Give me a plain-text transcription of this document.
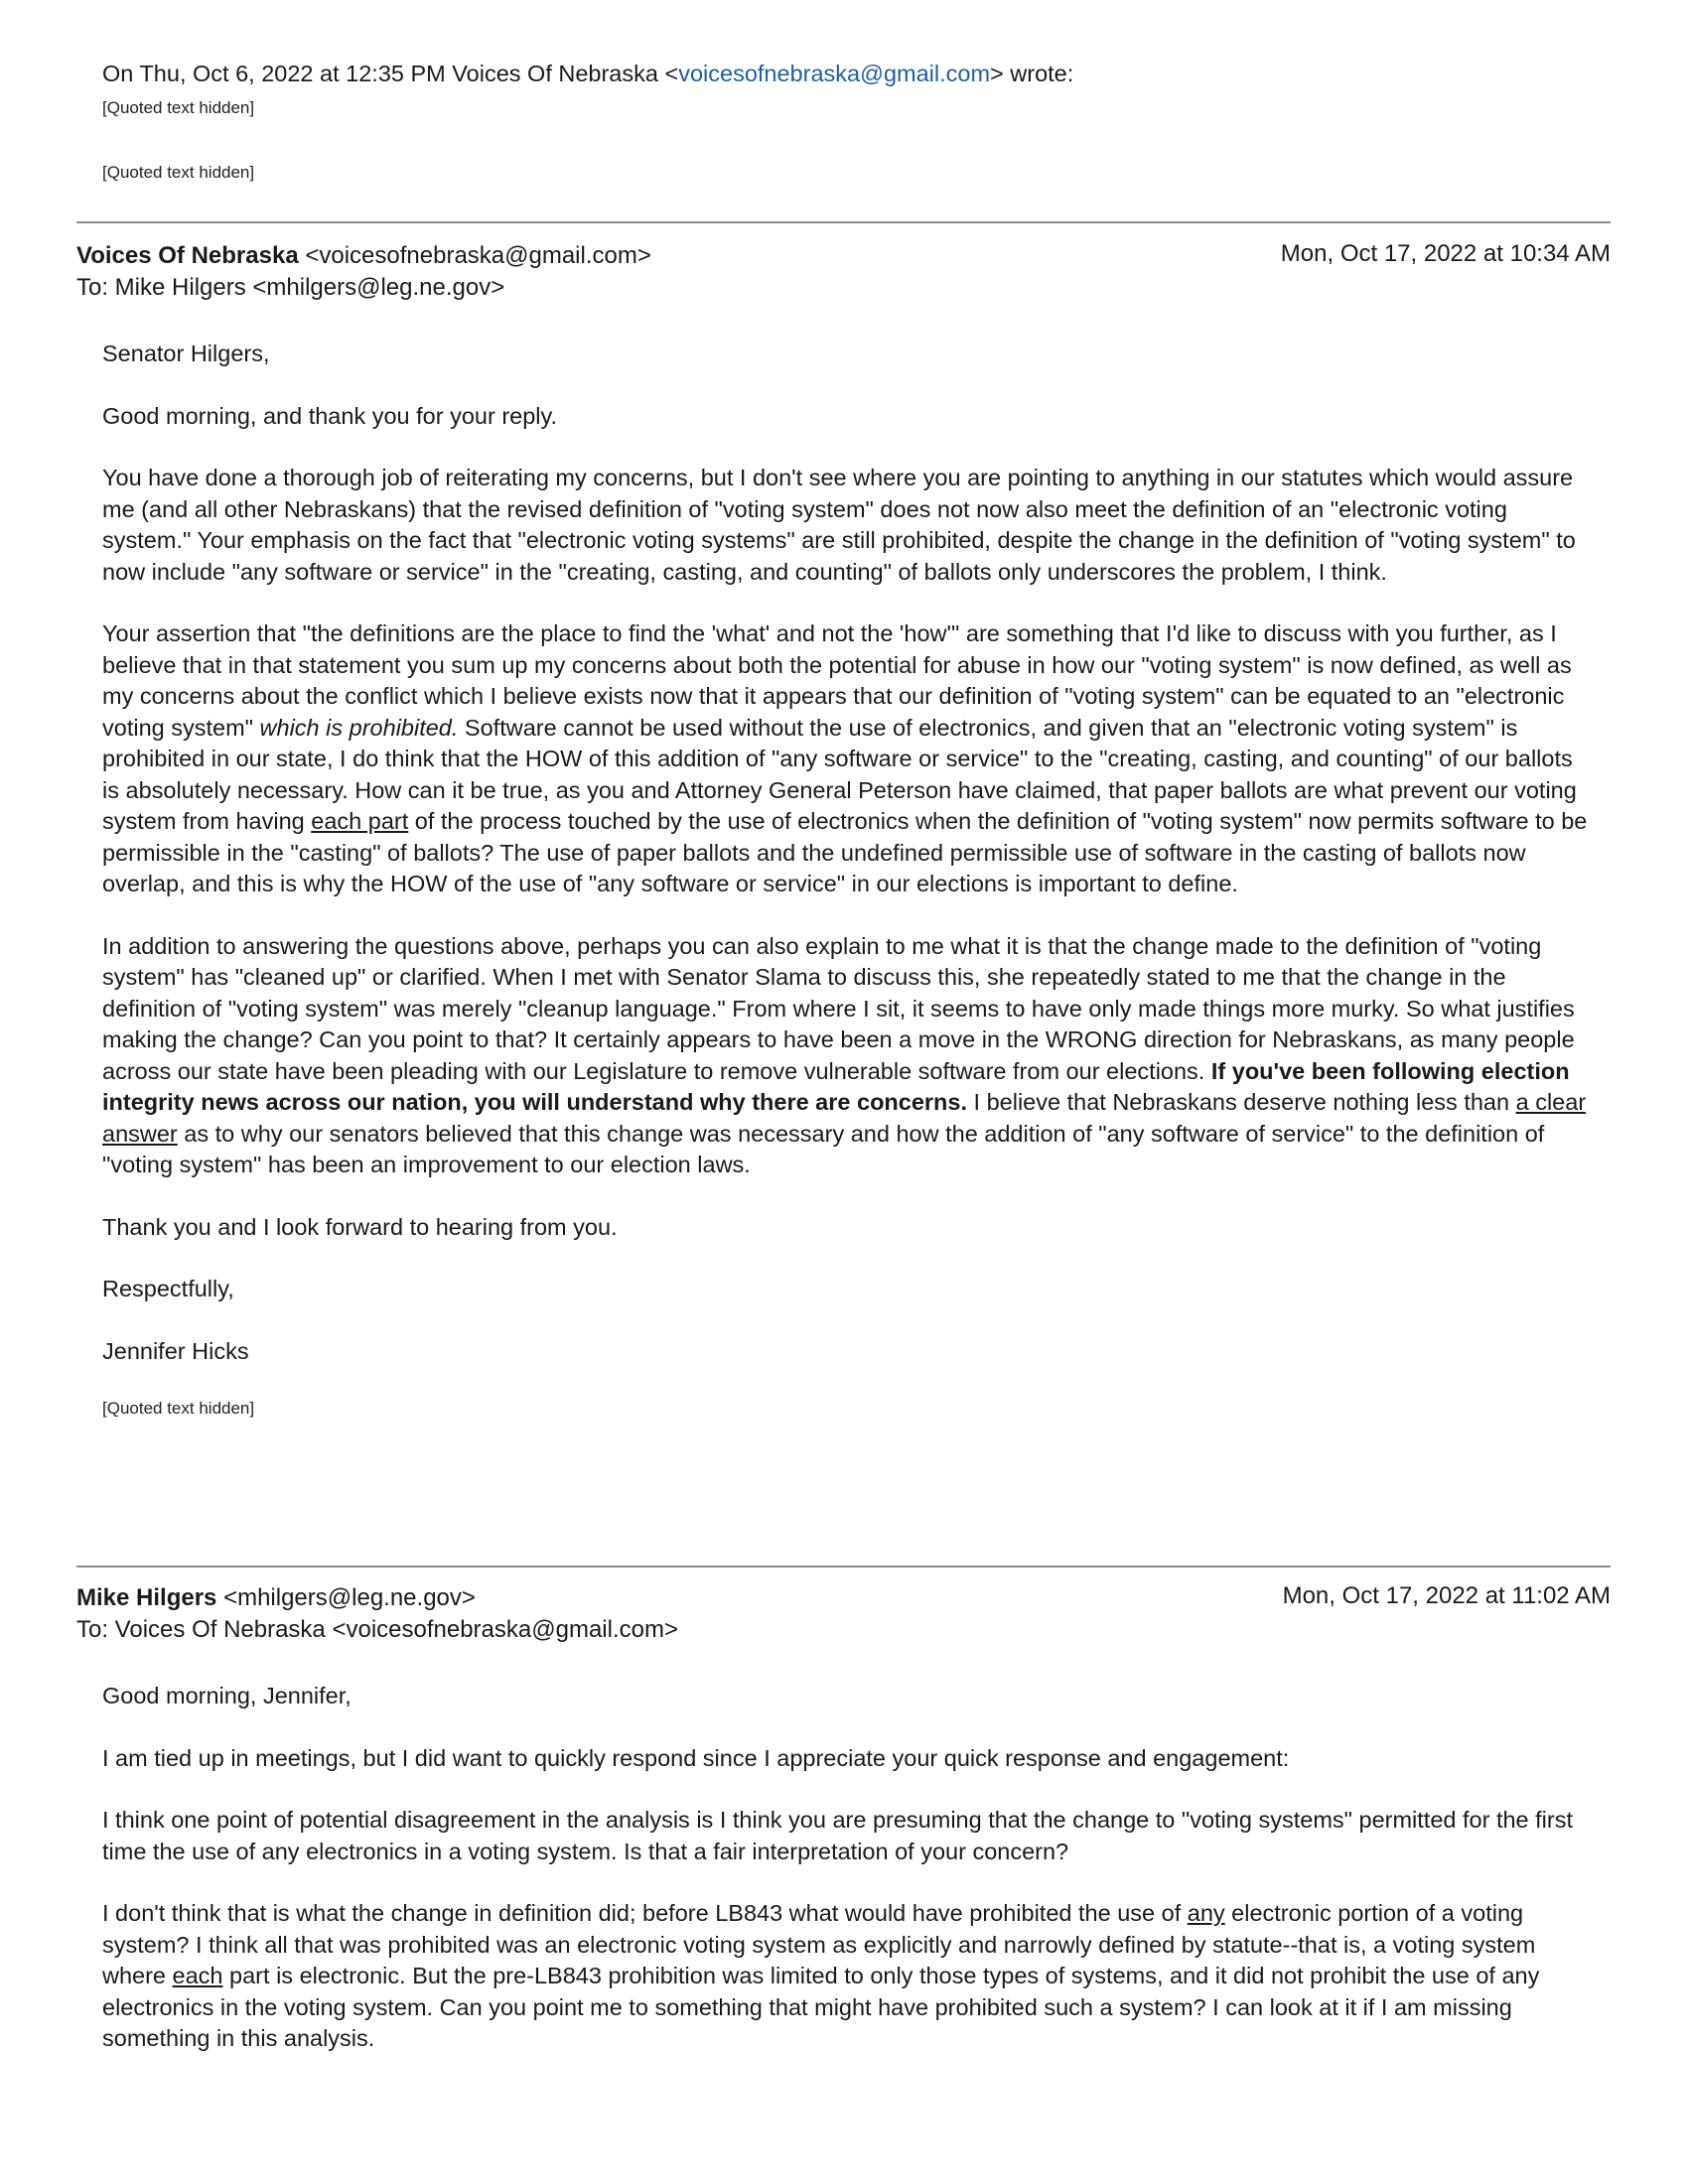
On Thu, Oct 6, 2022 at 12:35 PM Voices Of Nebraska <voicesofnebraska@gmail.com> wrote:
[Quoted text hidden]
[Quoted text hidden]
Voices Of Nebraska <voicesofnebraska@gmail.com>	Mon, Oct 17, 2022 at 10:34 AM
To: Mike Hilgers <mhilgers@leg.ne.gov>

Senator Hilgers,

Good morning, and thank you for your reply.

You have done a thorough job of reiterating my concerns, but I don't see where you are pointing to anything in our statutes which would assure me (and all other Nebraskans) that the revised definition of "voting system" does not now also meet the definition of an "electronic voting system." Your emphasis on the fact that "electronic voting systems" are still prohibited, despite the change in the definition of "voting system" to now include "any software or service" in the "creating, casting, and counting" of ballots only underscores the problem, I think.

Your assertion that "the definitions are the place to find the 'what' and not the 'how'" are something that I'd like to discuss with you further, as I believe that in that statement you sum up my concerns about both the potential for abuse in how our "voting system" is now defined, as well as my concerns about the conflict which I believe exists now that it appears that our definition of "voting system" can be equated to an "electronic voting system" which is prohibited. Software cannot be used without the use of electronics, and given that an "electronic voting system" is prohibited in our state, I do think that the HOW of this addition of "any software or service" to the "creating, casting, and counting" of our ballots is absolutely necessary. How can it be true, as you and Attorney General Peterson have claimed, that paper ballots are what prevent our voting system from having each part of the process touched by the use of electronics when the definition of "voting system" now permits software to be permissible in the "casting" of ballots? The use of paper ballots and the undefined permissible use of software in the casting of ballots now overlap, and this is why the HOW of the use of "any software or service" in our elections is important to define.

In addition to answering the questions above, perhaps you can also explain to me what it is that the change made to the definition of "voting system" has "cleaned up" or clarified. When I met with Senator Slama to discuss this, she repeatedly stated to me that the change in the definition of "voting system" was merely "cleanup language." From where I sit, it seems to have only made things more murky. So what justifies making the change? Can you point to that? It certainly appears to have been a move in the WRONG direction for Nebraskans, as many people across our state have been pleading with our Legislature to remove vulnerable software from our elections. If you've been following election integrity news across our nation, you will understand why there are concerns. I believe that Nebraskans deserve nothing less than a clear answer as to why our senators believed that this change was necessary and how the addition of "any software of service" to the definition of "voting system" has been an improvement to our election laws.

Thank you and I look forward to hearing from you.

Respectfully,

Jennifer Hicks

[Quoted text hidden]
Mike Hilgers <mhilgers@leg.ne.gov>	Mon, Oct 17, 2022 at 11:02 AM
To: Voices Of Nebraska <voicesofnebraska@gmail.com>

Good morning, Jennifer,

I am tied up in meetings, but I did want to quickly respond since I appreciate your quick response and engagement:

I think one point of potential disagreement in the analysis is I think you are presuming that the change to "voting systems" permitted for the first time the use of any electronics in a voting system. Is that a fair interpretation of your concern?

I don't think that is what the change in definition did; before LB843 what would have prohibited the use of any electronic portion of a voting system? I think all that was prohibited was an electronic voting system as explicitly and narrowly defined by statute--that is, a voting system where each part is electronic. But the pre-LB843 prohibition was limited to only those types of systems, and it did not prohibit the use of any electronics in the voting system. Can you point me to something that might have prohibited such a system? I can look at it if I am missing something in this analysis.
